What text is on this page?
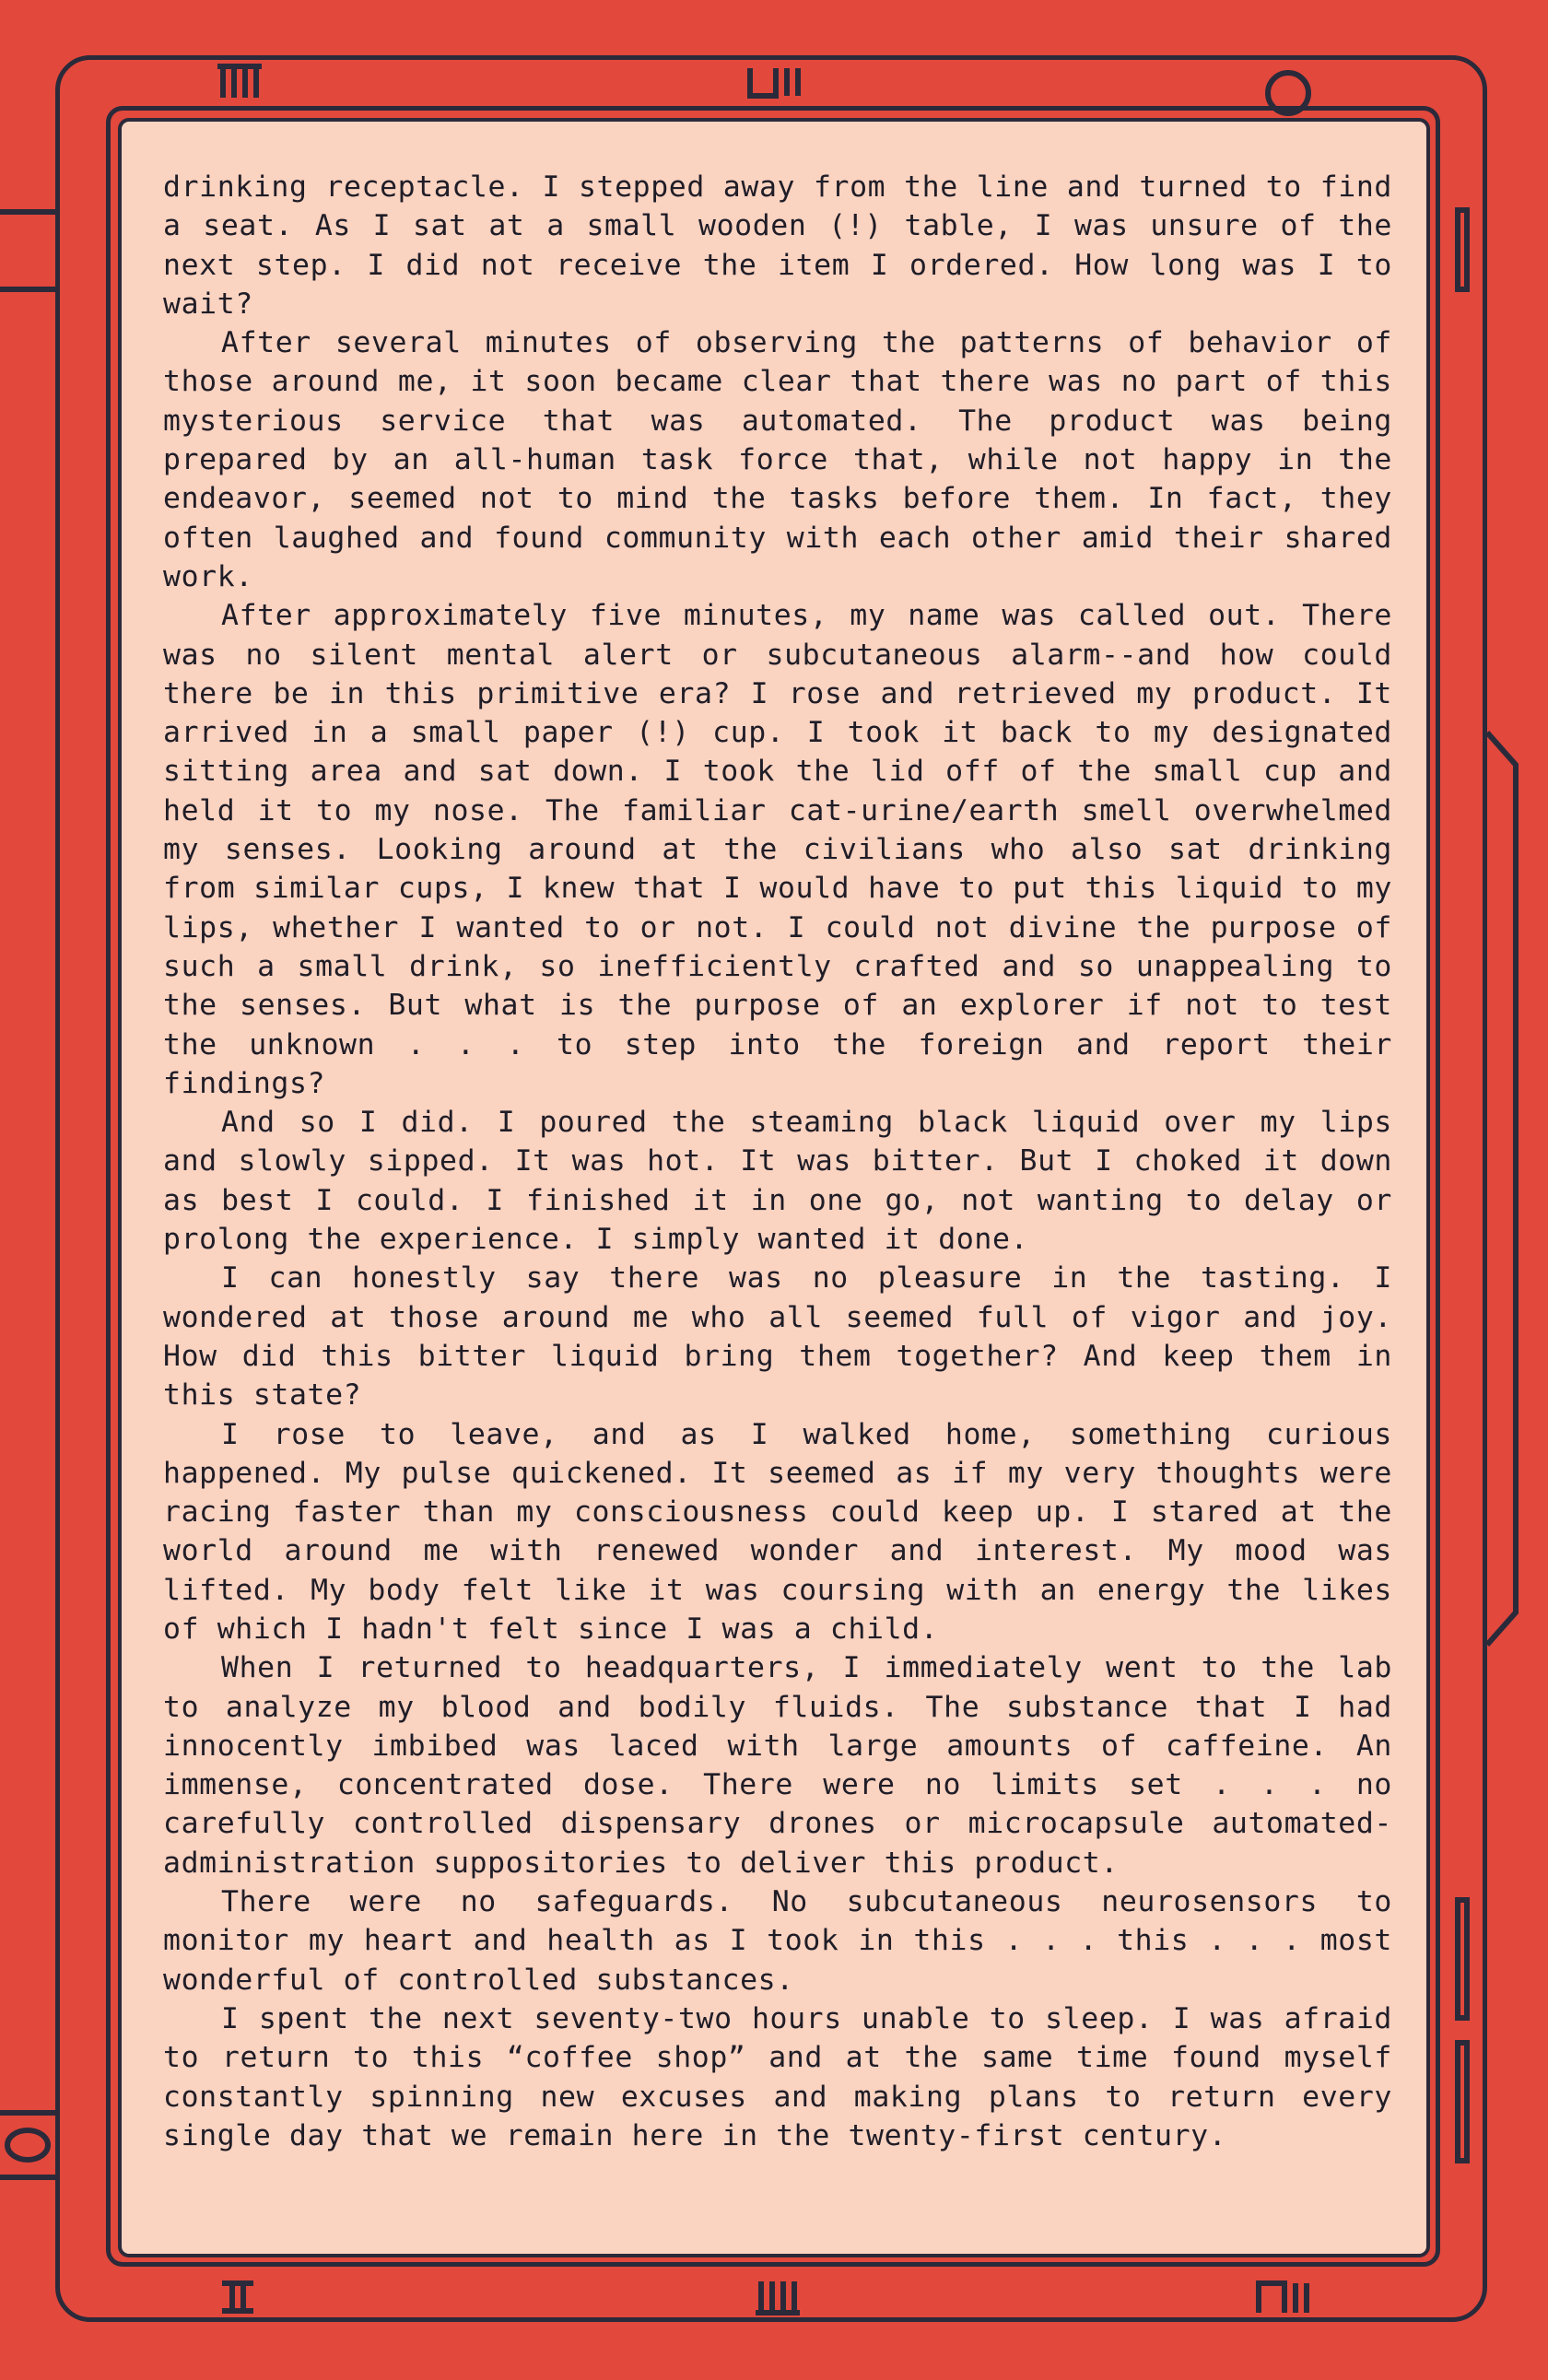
drinking receptacle. I stepped away from the line and turned to find a seat. As I sat at a small wooden (!) table, I was unsure of the next step. I did not receive the item I ordered. How long was I to wait?

After several minutes of observing the patterns of behavior of those around me, it soon became clear that there was no part of this mysterious service that was automated. The product was being prepared by an all-human task force that, while not happy in the endeavor, seemed not to mind the tasks before them. In fact, they often laughed and found community with each other amid their shared work.

After approximately five minutes, my name was called out. There was no silent mental alert or subcutaneous alarm--and how could there be in this primitive era? I rose and retrieved my product. It arrived in a small paper (!) cup. I took it back to my designated sitting area and sat down. I took the lid off of the small cup and held it to my nose. The familiar cat-urine/earth smell overwhelmed my senses. Looking around at the civilians who also sat drinking from similar cups, I knew that I would have to put this liquid to my lips, whether I wanted to or not. I could not divine the purpose of such a small drink, so inefficiently crafted and so unappealing to the senses. But what is the purpose of an explorer if not to test the unknown . . . to step into the foreign and report their findings?

And so I did. I poured the steaming black liquid over my lips and slowly sipped. It was hot. It was bitter. But I choked it down as best I could. I finished it in one go, not wanting to delay or prolong the experience. I simply wanted it done.

I can honestly say there was no pleasure in the tasting. I wondered at those around me who all seemed full of vigor and joy. How did this bitter liquid bring them together? And keep them in this state?

I rose to leave, and as I walked home, something curious happened. My pulse quickened. It seemed as if my very thoughts were racing faster than my consciousness could keep up. I stared at the world around me with renewed wonder and interest. My mood was lifted. My body felt like it was coursing with an energy the likes of which I hadn't felt since I was a child.

When I returned to headquarters, I immediately went to the lab to analyze my blood and bodily fluids. The substance that I had innocently imbibed was laced with large amounts of caffeine. An immense, concentrated dose. There were no limits set . . . no carefully controlled dispensary drones or microcapsule automated-administration suppositories to deliver this product.

There were no safeguards. No subcutaneous neurosensors to monitor my heart and health as I took in this . . . this . . . most wonderful of controlled substances.

I spent the next seventy-two hours unable to sleep. I was afraid to return to this “coffee shop” and at the same time found myself constantly spinning new excuses and making plans to return every single day that we remain here in the twenty-first century.
